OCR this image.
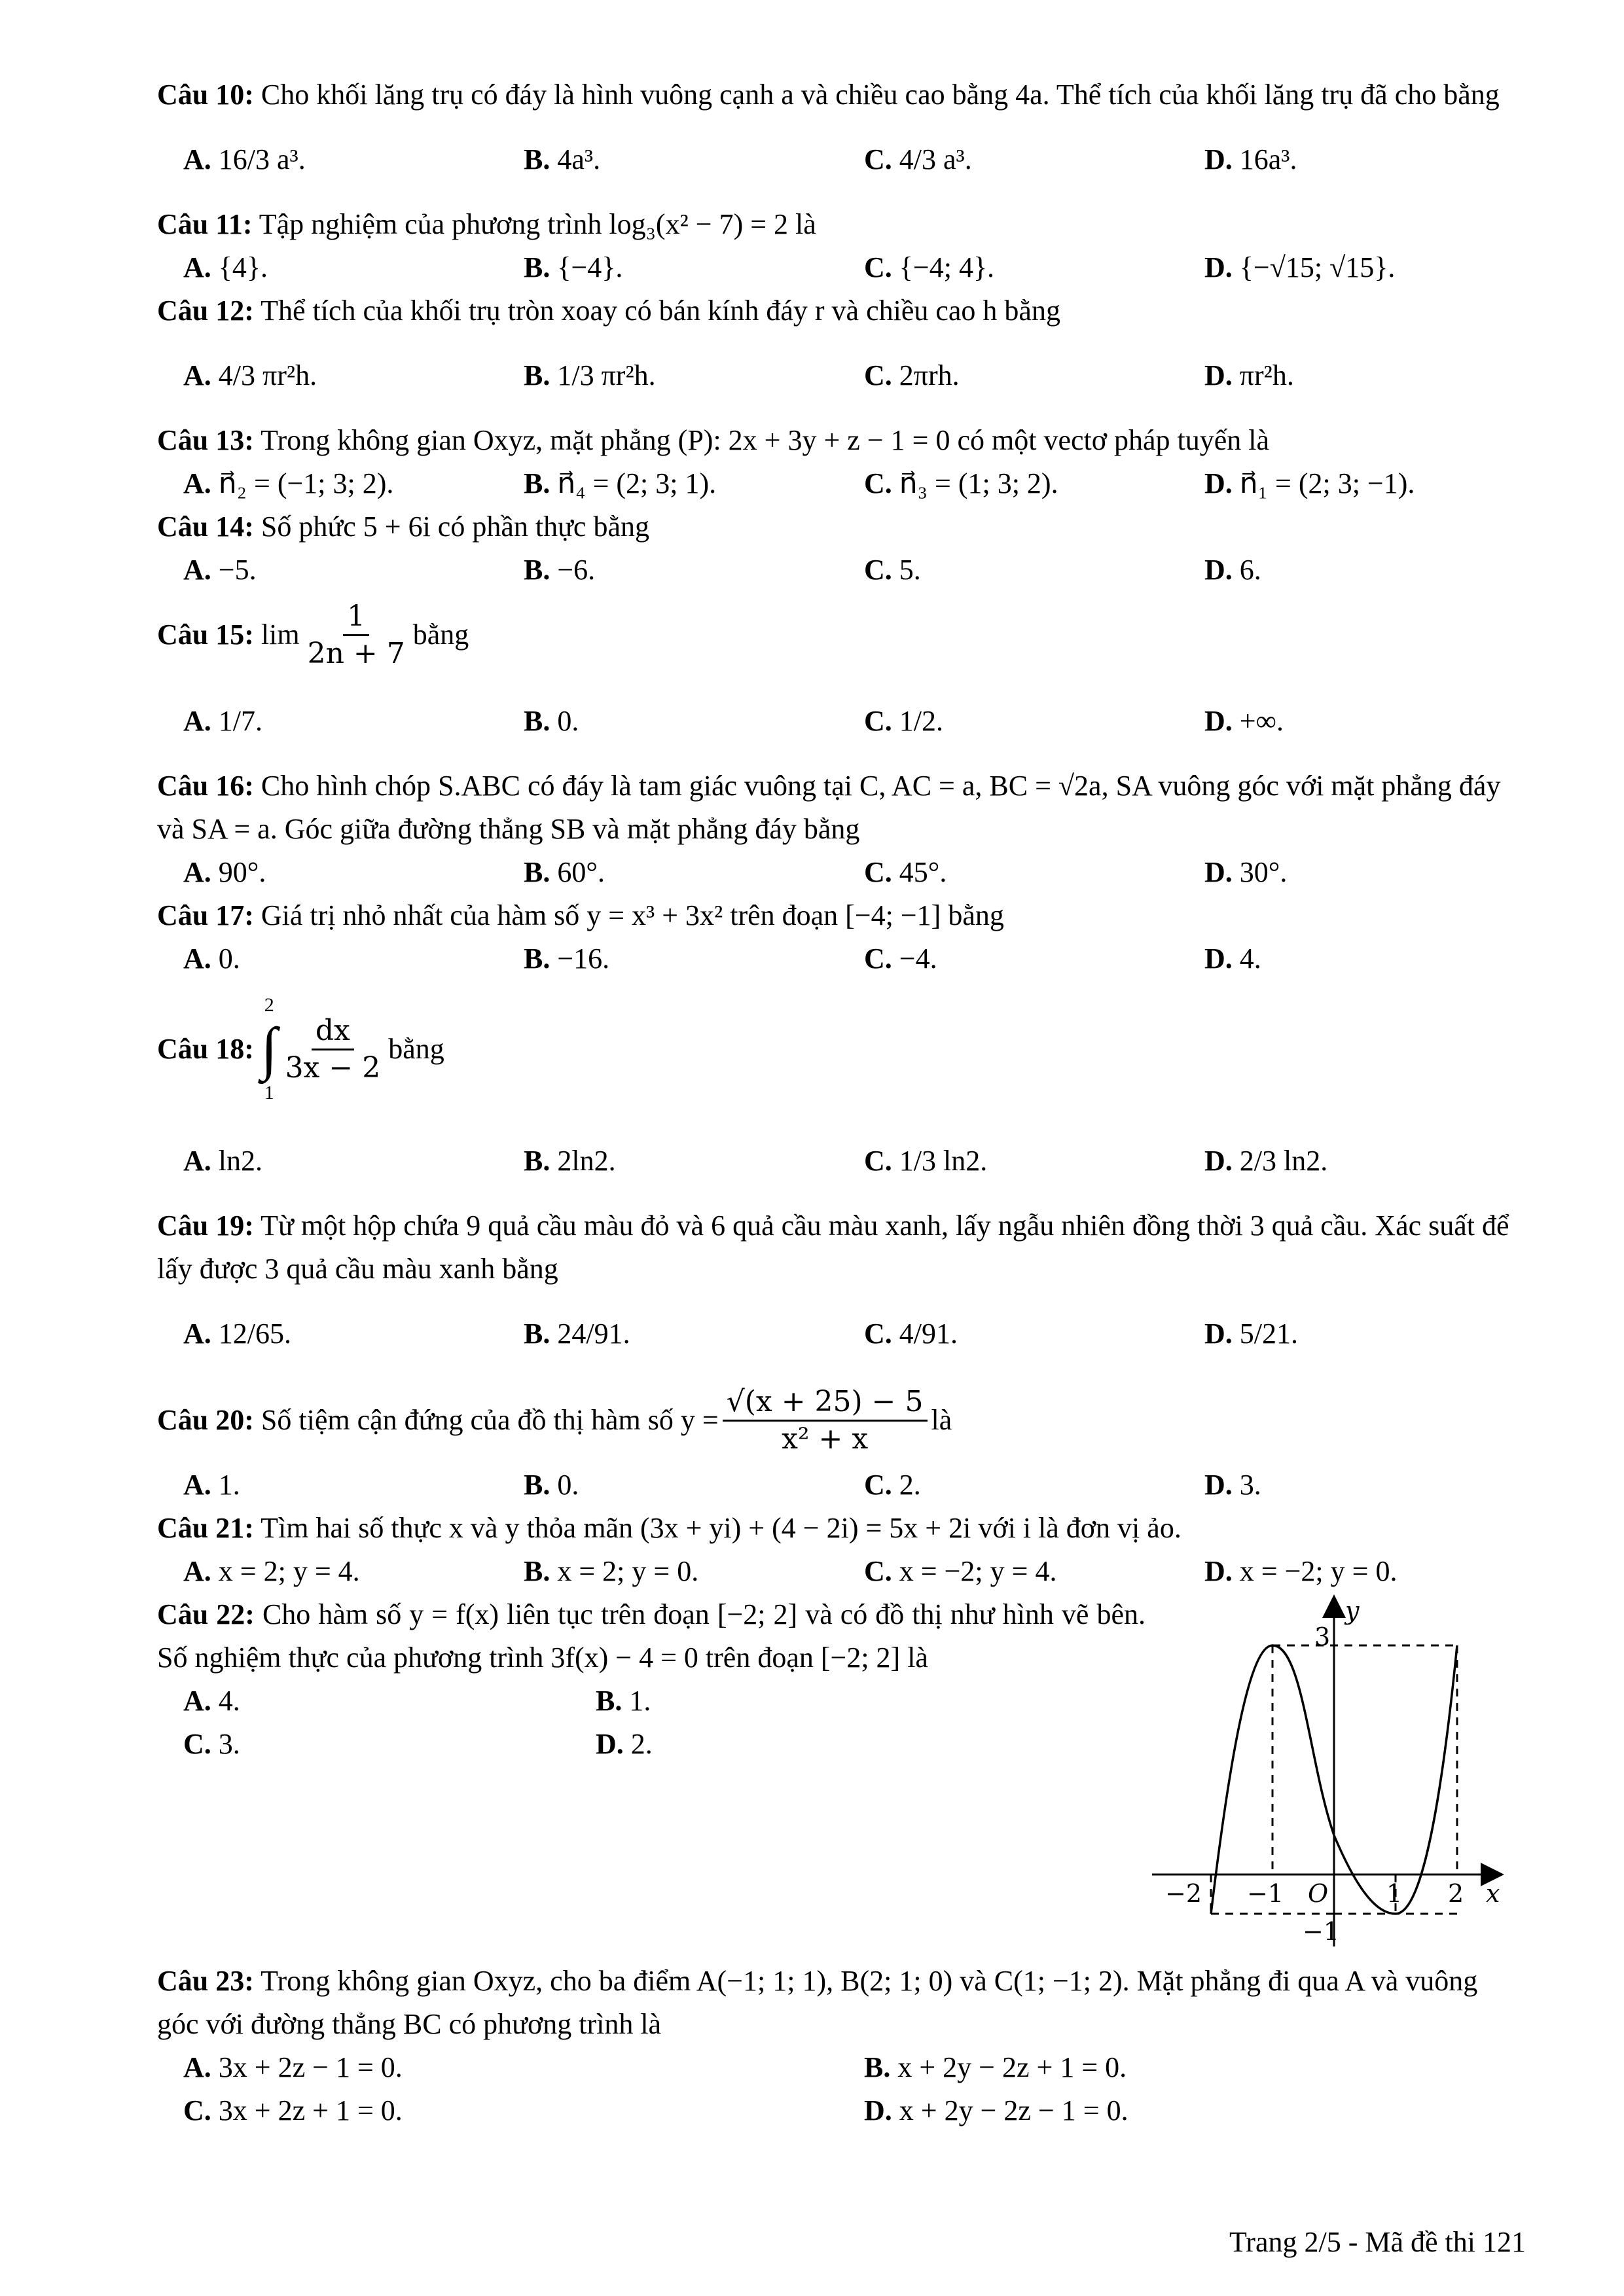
Câu 10: Cho khối lăng trụ có đáy là hình vuông cạnh a và chiều cao bằng 4a. Thể tích của khối lăng trụ đã cho bằng

A. 16/3 a³.	B. 4a³.	C. 4/3 a³.	D. 16a³.

Câu 11: Tập nghiệm của phương trình log₃(x² − 7) = 2 là

A. {4}.	B. {−4}.	C. {−4; 4}.	D. {−√15; √15}.

Câu 12: Thể tích của khối trụ tròn xoay có bán kính đáy r và chiều cao h bằng

A. 4/3 πr²h.	B. 1/3 πr²h.	C. 2πrh.	D. πr²h.

Câu 13: Trong không gian Oxyz, mặt phẳng (P): 2x + 3y + z − 1 = 0 có một vectơ pháp tuyến là

A. n⃗₂ = (−1; 3; 2).	B. n⃗₄ = (2; 3; 1).	C. n⃗₃ = (1; 3; 2).	D. n⃗₁ = (2; 3; −1).

Câu 14: Số phức 5 + 6i có phần thực bằng

A. −5.	B. −6.	C. 5.	D. 6.
Câu 15:
$\lim \frac{1}{2n + 7}$ bằng
A. 1/7.	B. 0.	C. 1/2.	D. +∞.

Câu 16: Cho hình chóp S.ABC có đáy là tam giác vuông tại C, AC = a, BC = √2a, SA vuông góc với mặt phẳng đáy và SA = a. Góc giữa đường thẳng SB và mặt phẳng đáy bằng

A. 90°.	B. 60°.	C. 45°.	D. 30°.

Câu 17: Giá trị nhỏ nhất của hàm số y = x³ + 3x² trên đoạn [−4; −1] bằng

A. 0.	B. −16.	C. −4.	D. 4.
Câu 18:

2
∫
1
$\frac{dx}{3x - 2}$ bằng
A. ln2.	B. 2ln2.	C. 1/3 ln2.	D. 2/3 ln2.

Câu 19: Từ một hộp chứa 9 quả cầu màu đỏ và 6 quả cầu màu xanh, lấy ngẫu nhiên đồng thời 3 quả cầu. Xác suất để lấy được 3 quả cầu màu xanh bằng

A. 12/65.	B. 24/91.	C. 4/91.	D. 5/21.
Câu 20:
Số tiệm cận đứng của đồ thị hàm số $y = \frac{√(x + 25) - 5}{\text{x² + x}}$ là
A. 1.	B. 0.	C. 2.	D. 3.

Câu 21: Tìm hai số thực x và y thỏa mãn (3x + yi) + (4 − 2i) = 5x + 2i với i là đơn vị ảo.

A. x = 2; y = 4.	B. x = 2; y = 0.	C. x = −2; y = 4.	D. x = −2; y = 0.

Câu 22: Cho hàm số y = f(x) liên tục trên đoạn [−2; 2] và có đồ thị như hình vẽ bên. Số nghiệm thực của phương trình 3f(x) − 4 = 0 trên đoạn [−2; 2] là

A. 4.	B. 1.
C. 3.	D. 2.
y
x
O
3
−1
−2 −1	1 2

Câu 23: Trong không gian Oxyz, cho ba điểm A(−1; 1; 1), B(2; 1; 0) và C(1; −1; 2). Mặt phẳng đi qua A và vuông góc với đường thẳng BC có phương trình là

A. 3x + 2z − 1 = 0.	B. x + 2y − 2z + 1 = 0.
C. 3x + 2z + 1 = 0.	D. x + 2y − 2z − 1 = 0.
Trang 2/5 - Mã đề thi 121
